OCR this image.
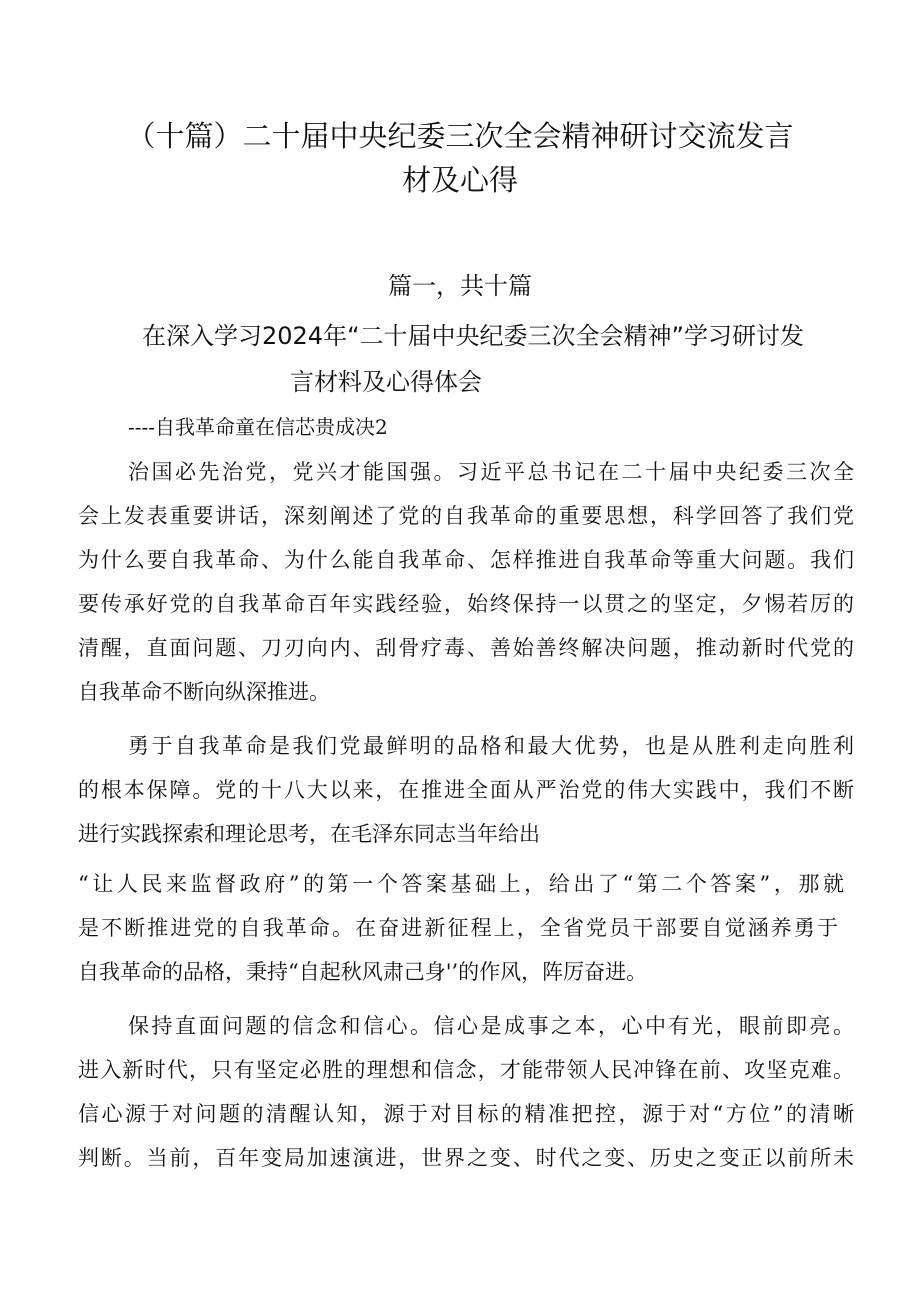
（十篇）二十届中央纪委三次全会精神研讨交流发言
材及心得
篇一，共十篇
在深入学习2024年“二十届中央纪委三次全会精神”学习研讨发
言材料及心得体会
----自我革命童在信芯贵成决2
治国必先治党，党兴才能国强。习近平总书记在二十届中央纪委三次全
会上发表重要讲话，深刻阐述了党的自我革命的重要思想，科学回答了我们党
为什么要自我革命、为什么能自我革命、怎样推进自我革命等重大问题。我们
要传承好党的自我革命百年实践经验，始终保持一以贯之的坚定，夕惕若厉的
清醒，直面问题、刀刃向内、刮骨疗毒、善始善终解决问题，推动新时代党的
自我革命不断向纵深推进。
勇于自我革命是我们党最鲜明的品格和最大优势，也是从胜利走向胜利
的根本保障。党的十八大以来，在推进全面从严治党的伟大实践中，我们不断
进行实践探索和理论思考，在毛泽东同志当年给出
“让人民来监督政府”的第一个答案基础上，给出了“第二个答案”，那就
是不断推进党的自我革命。在奋进新征程上，全省党员干部要自觉涵养勇于
自我革命的品格，秉持“自起秋风肃己身'’的作风，阵厉奋进。
保持直面问题的信念和信心。信心是成事之本，心中有光，眼前即亮。
进入新时代，只有坚定必胜的理想和信念，才能带领人民冲锋在前、攻坚克难。
信心源于对问题的清醒认知，源于对目标的精准把控，源于对“方位”的清晰
判断。当前，百年变局加速演进，世界之变、时代之变、历史之变正以前所未
